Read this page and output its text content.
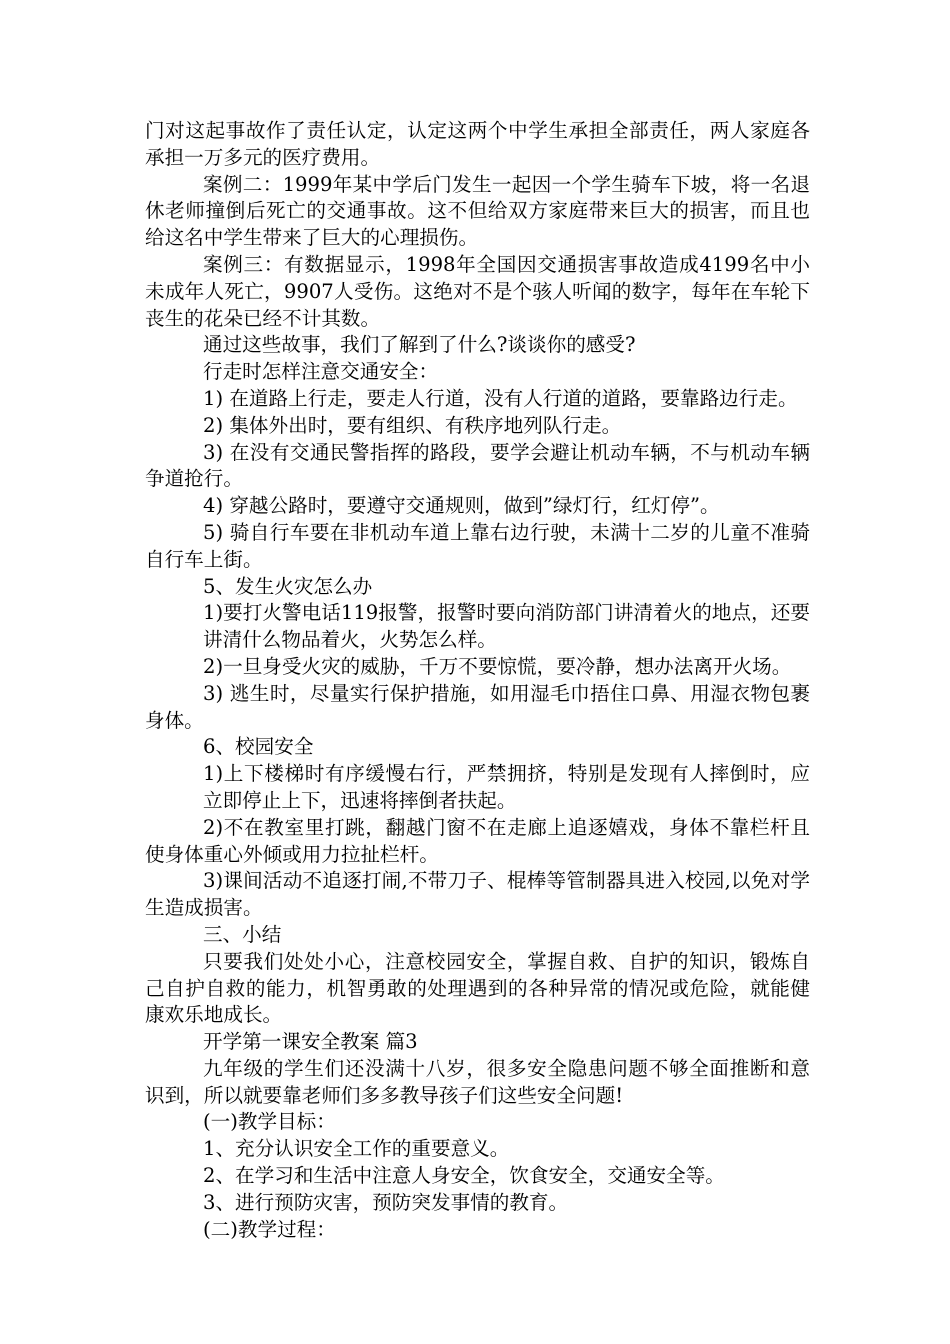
门对这起事故作了责任认定，认定这两个中学生承担全部责任，两人家庭各承担一万多元的医疗费用。

案例二：1999年某中学后门发生一起因一个学生骑车下坡，将一名退休老师撞倒后死亡的交通事故。这不但给双方家庭带来巨大的损害，而且也给这名中学生带来了巨大的心理损伤。

案例三：有数据显示，1998年全国因交通损害事故造成4199名中小未成年人死亡，9907人受伤。这绝对不是个骇人听闻的数字，每年在车轮下丧生的花朵已经不计其数。

通过这些故事，我们了解到了什么?谈谈你的感受?

行走时怎样注意交通安全：

1) 在道路上行走，要走人行道，没有人行道的道路，要靠路边行走。

2) 集体外出时，要有组织、有秩序地列队行走。

3) 在没有交通民警指挥的路段，要学会避让机动车辆，不与机动车辆争道抢行。

4) 穿越公路时，要遵守交通规则，做到”绿灯行，红灯停”。

5) 骑自行车要在非机动车道上靠右边行驶，未满十二岁的儿童不准骑自行车上街。

5、发生火灾怎么办

1)要打火警电话119报警，报警时要向消防部门讲清着火的地点，还要讲清什么物品着火，火势怎么样。

2)一旦身受火灾的威胁，千万不要惊慌，要冷静，想办法离开火场。

3) 逃生时，尽量实行保护措施，如用湿毛巾捂住口鼻、用湿衣物包裹身体。

6、校园安全

1)上下楼梯时有序缓慢右行，严禁拥挤，特别是发现有人摔倒时，应立即停止上下，迅速将摔倒者扶起。

2)不在教室里打跳，翻越门窗不在走廊上追逐嬉戏，身体不靠栏杆且使身体重心外倾或用力拉扯栏杆。

3)课间活动不追逐打闹,不带刀子、棍棒等管制器具进入校园,以免对学生造成损害。

三、小结

只要我们处处小心，注意校园安全，掌握自救、自护的知识，锻炼自己自护自救的能力，机智勇敢的处理遇到的各种异常的情况或危险，就能健康欢乐地成长。

开学第一课安全教案 篇3

九年级的学生们还没满十八岁，很多安全隐患问题不够全面推断和意识到，所以就要靠老师们多多教导孩子们这些安全问题!

(一)教学目标：

1、充分认识安全工作的重要意义。

2、在学习和生活中注意人身安全，饮食安全，交通安全等。

3、进行预防灾害，预防突发事情的教育。

(二)教学过程：
